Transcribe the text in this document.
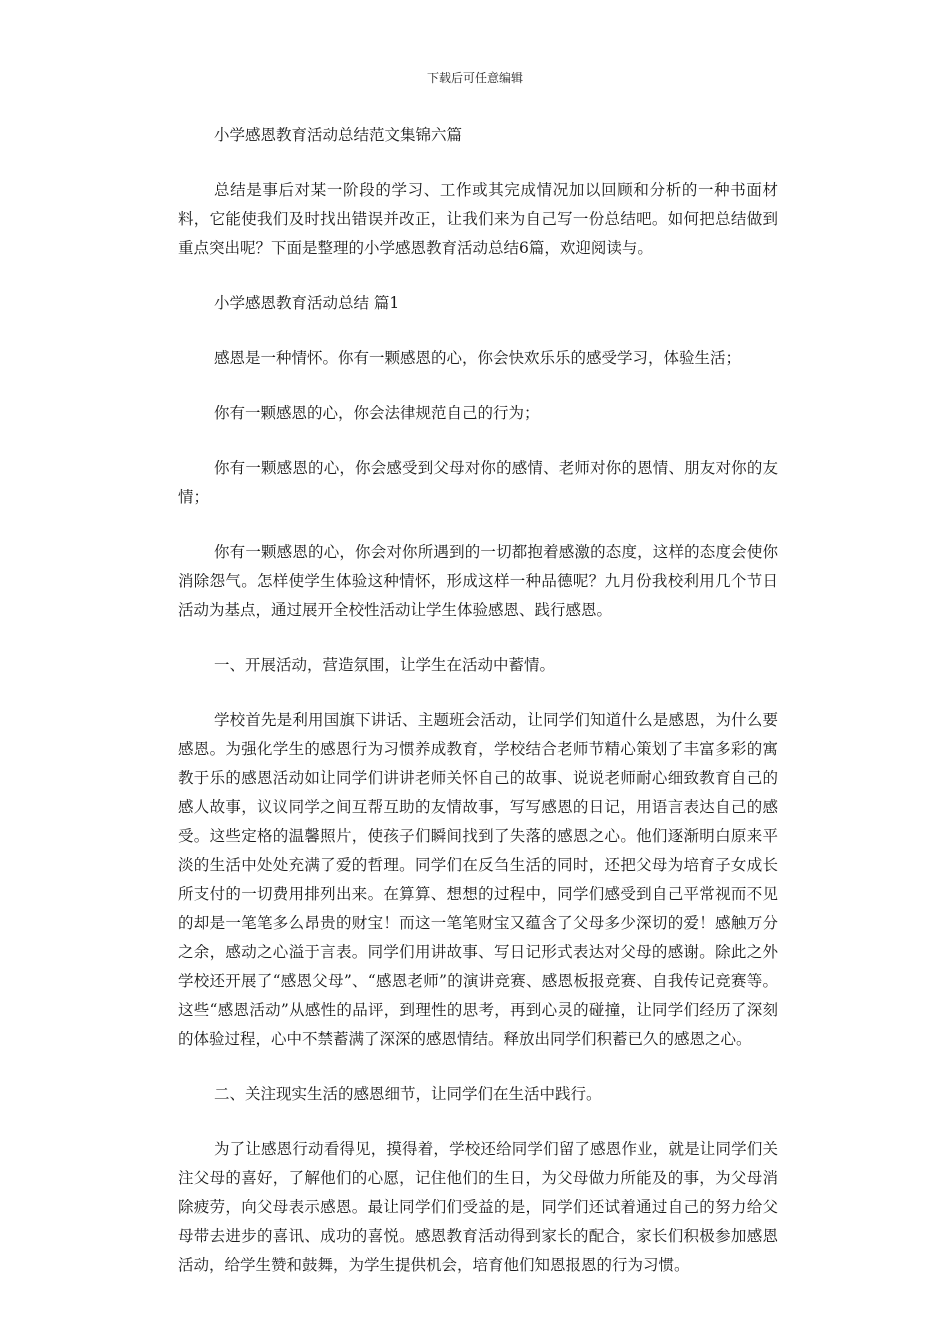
下载后可任意编辑

小学感恩教育活动总结范文集锦六篇

总结是事后对某一阶段的学习、工作或其完成情况加以回顾和分析的一种书面材料，它能使我们及时找出错误并改正，让我们来为自己写一份总结吧。如何把总结做到重点突出呢？下面是整理的小学感恩教育活动总结6篇，欢迎阅读与。

小学感恩教育活动总结 篇1

感恩是一种情怀。你有一颗感恩的心，你会快欢乐乐的感受学习，体验生活；

你有一颗感恩的心，你会法律规范自己的行为；

你有一颗感恩的心，你会感受到父母对你的感情、老师对你的恩情、朋友对你的友情；

你有一颗感恩的心，你会对你所遇到的一切都抱着感激的态度，这样的态度会使你消除怨气。怎样使学生体验这种情怀，形成这样一种品德呢？九月份我校利用几个节日活动为基点，通过展开全校性活动让学生体验感恩、践行感恩。

一、开展活动，营造氛围，让学生在活动中蓄情。

学校首先是利用国旗下讲话、主题班会活动，让同学们知道什么是感恩，为什么要感恩。为强化学生的感恩行为习惯养成教育，学校结合老师节精心策划了丰富多彩的寓教于乐的感恩活动如让同学们讲讲老师关怀自己的故事、说说老师耐心细致教育自己的感人故事，议议同学之间互帮互助的友情故事，写写感恩的日记，用语言表达自己的感受。这些定格的温馨照片，使孩子们瞬间找到了失落的感恩之心。他们逐渐明白原来平淡的生活中处处充满了爱的哲理。同学们在反刍生活的同时，还把父母为培育子女成长所支付的一切费用排列出来。在算算、想想的过程中，同学们感受到自己平常视而不见的却是一笔笔多么昂贵的财宝！而这一笔笔财宝又蕴含了父母多少深切的爱！感触万分之余，感动之心溢于言表。同学们用讲故事、写日记形式表达对父母的感谢。除此之外学校还开展了“感恩父母”、“感恩老师”的演讲竞赛、感恩板报竞赛、自我传记竞赛等。这些“感恩活动”从感性的品评，到理性的思考，再到心灵的碰撞，让同学们经历了深刻的体验过程，心中不禁蓄满了深深的感恩情结。释放出同学们积蓄已久的感恩之心。

二、关注现实生活的感恩细节，让同学们在生活中践行。

为了让感恩行动看得见，摸得着，学校还给同学们留了感恩作业，就是让同学们关注父母的喜好，了解他们的心愿，记住他们的生日，为父母做力所能及的事，为父母消除疲劳，向父母表示感恩。最让同学们们受益的是，同学们还试着通过自己的努力给父母带去进步的喜讯、成功的喜悦。感恩教育活动得到家长的配合，家长们积极参加感恩活动，给学生赞和鼓舞，为学生提供机会，培育他们知恩报恩的行为习惯。
